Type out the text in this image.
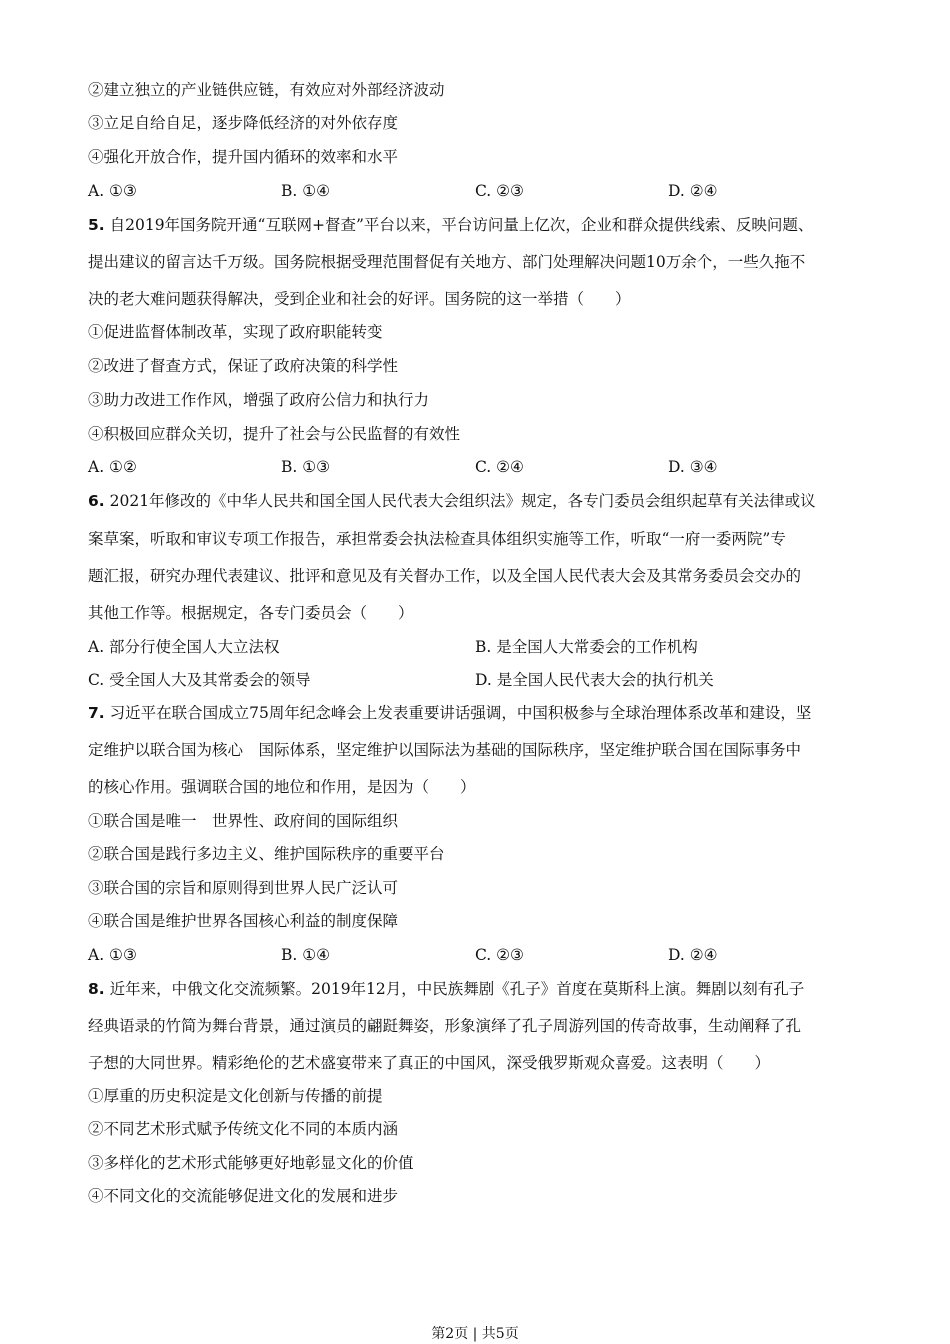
②建立独立的产业链供应链，有效应对外部经济波动
③立足自给自足，逐步降低经济的对外依存度
④强化开放合作，提升国内循环的效率和水平
A. ①③	B. ①④	C. ②③	D. ②④
5. 自2019年国务院开通“互联网+督查”平台以来，平台访问量上亿次，企业和群众提供线索、反映问题、
提出建议的留言达千万级。国务院根据受理范围督促有关地方、部门处理解决问题10万余个，一些久拖不
决的老大难问题获得解决，受到企业和社会的好评。国务院的这一举措（　　）
①促进监督体制改革，实现了政府职能转变
②改进了督查方式，保证了政府决策的科学性
③助力改进工作作风，增强了政府公信力和执行力
④积极回应群众关切，提升了社会与公民监督的有效性
A. ①②	B. ①③	C. ②④	D. ③④
6. 2021年修改的《中华人民共和国全国人民代表大会组织法》规定，各专门委员会组织起草有关法律或议
案草案，听取和审议专项工作报告，承担常委会执法检查具体组织实施等工作，听取“一府一委两院”专
题汇报，研究办理代表建议、批评和意见及有关督办工作，以及全国人民代表大会及其常务委员会交办的
其他工作等。根据规定，各专门委员会（　　）
A. 部分行使全国人大立法权	B. 是全国人大常委会的工作机构
C. 受全国人大及其常委会的领导	D. 是全国人民代表大会的执行机关
7. 习近平在联合国成立75周年纪念峰会上发表重要讲话强调，中国积极参与全球治理体系改革和建设，坚
定维护以联合国为核心　国际体系，坚定维护以国际法为基础的国际秩序，坚定维护联合国在国际事务中
的核心作用。强调联合国的地位和作用，是因为（　　）
①联合国是唯一　世界性、政府间的国际组织
②联合国是践行多边主义、维护国际秩序的重要平台
③联合国的宗旨和原则得到世界人民广泛认可
④联合国是维护世界各国核心利益的制度保障
A. ①③	B. ①④	C. ②③	D. ②④
8. 近年来，中俄文化交流频繁。2019年12月，中民族舞剧《孔子》首度在莫斯科上演。舞剧以刻有孔子
经典语录的竹简为舞台背景，通过演员的翩跹舞姿，形象演绎了孔子周游列国的传奇故事，生动阐释了孔
子想的大同世界。精彩绝伦的艺术盛宴带来了真正的中国风，深受俄罗斯观众喜爱。这表明（　　）
①厚重的历史积淀是文化创新与传播的前提
②不同艺术形式赋予传统文化不同的本质内涵
③多样化的艺术形式能够更好地彰显文化的价值
④不同文化的交流能够促进文化的发展和进步
第2页 | 共5页
